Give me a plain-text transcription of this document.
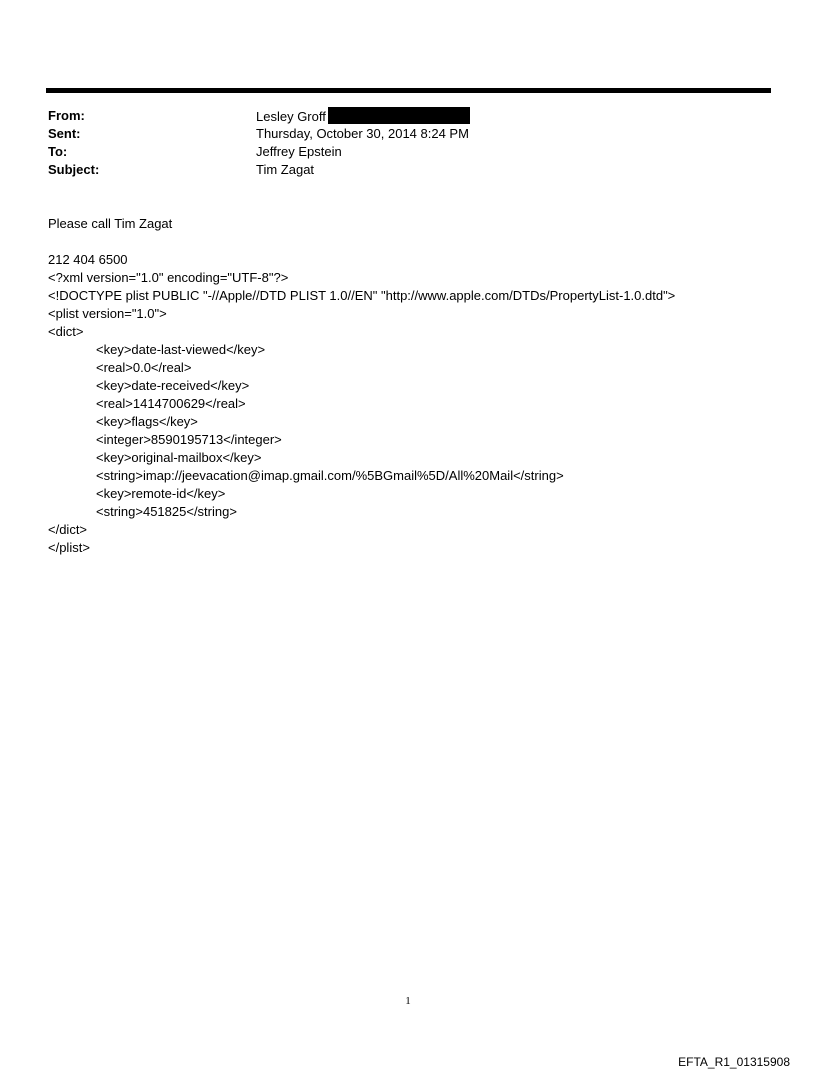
From:	Lesley Groff
Sent:	Thursday, October 30, 2014 8:24 PM
To:	Jeffrey Epstein
Subject:	Tim Zagat
Please call Tim Zagat
212 404 6500
<?xml version="1.0" encoding="UTF-8"?>
<!DOCTYPE plist PUBLIC "-//Apple//DTD PLIST 1.0//EN" "http://www.apple.com/DTDs/PropertyList-1.0.dtd">
<plist version="1.0">
<dict>
<key>date-last-viewed</key>
<real>0.0</real>
<key>date-received</key>
<real>1414700629</real>
<key>flags</key>
<integer>8590195713</integer>
<key>original-mailbox</key>
<string>imap://jeevacation@imap.gmail.com/%5BGmail%5D/All%20Mail</string>
<key>remote-id</key>
<string>451825</string>
</dict>
</plist>
1
EFTA_R1_01315908
